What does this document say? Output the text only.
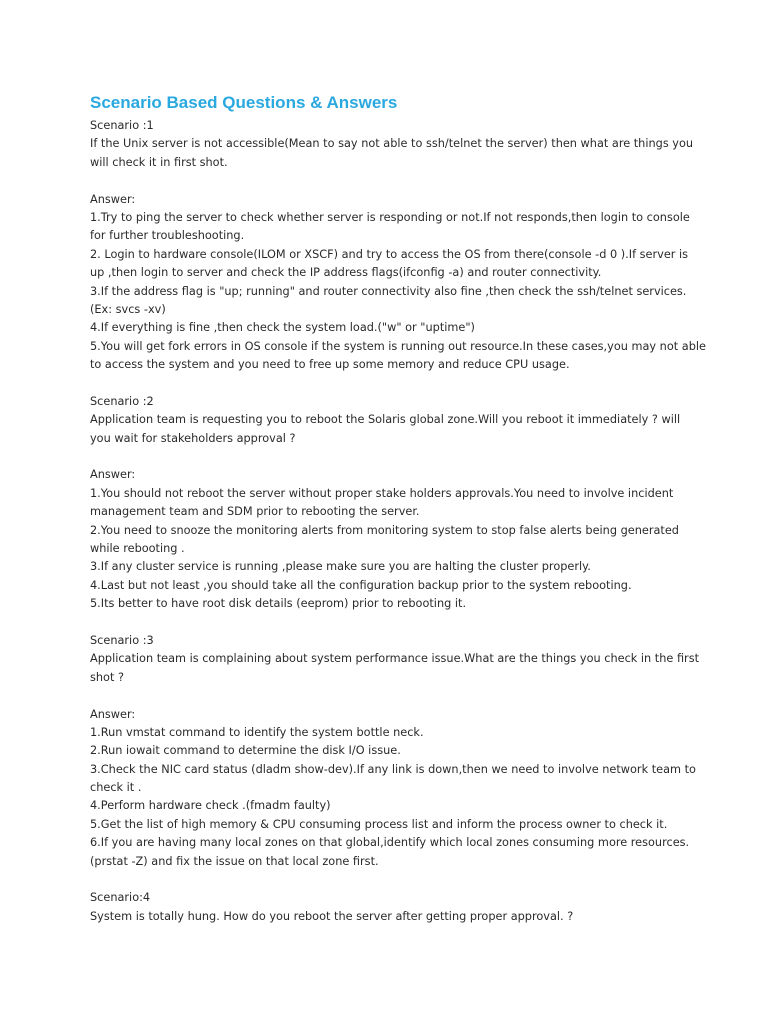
Scenario Based Questions & Answers
Scenario :1
If the Unix server is not accessible(Mean to say not able to ssh/telnet the server) then what are things you
will check it in first shot.
Answer:
1.Try to ping the server to check whether server is responding or not.If not responds,then login to console
for further troubleshooting.
2. Login to hardware console(ILOM or XSCF) and try to access the OS from there(console -d 0 ).If server is
up ,then login to server and check the IP address flags(ifconfig -a) and router connectivity.
3.If the address flag is "up; running" and router connectivity also fine ,then check the ssh/telnet services.
(Ex: svcs -xv)
4.If everything is fine ,then check the system load.("w" or "uptime")
5.You will get fork errors in OS console if the system is running out resource.In these cases,you may not able
to access the system and you need to free up some memory and reduce CPU usage.
Scenario :2
Application team is requesting you to reboot the Solaris global zone.Will you reboot it immediately ? will
you wait for stakeholders approval ?
Answer:
1.You should not reboot the server without proper stake holders approvals.You need to involve incident
management team and SDM prior to rebooting the server.
2.You need to snooze the monitoring alerts from monitoring system to stop false alerts being generated
while rebooting .
3.If any cluster service is running ,please make sure you are halting the cluster properly.
4.Last but not least ,you should take all the configuration backup prior to the system rebooting.
5.Its better to have root disk details (eeprom) prior to rebooting it.
Scenario :3
Application team is complaining about system performance issue.What are the things you check in the first
shot ?
Answer:
1.Run vmstat command to identify the system bottle neck.
2.Run iowait command to determine the disk I/O issue.
3.Check the NIC card status (dladm show-dev).If any link is down,then we need to involve network team to
check it .
4.Perform hardware check .(fmadm faulty)
5.Get the list of high memory & CPU consuming process list and inform the process owner to check it.
6.If you are having many local zones on that global,identify which local zones consuming more resources.
(prstat -Z) and fix the issue on that local zone first.
Scenario:4
System is totally hung. How do you reboot the server after getting proper approval. ?
